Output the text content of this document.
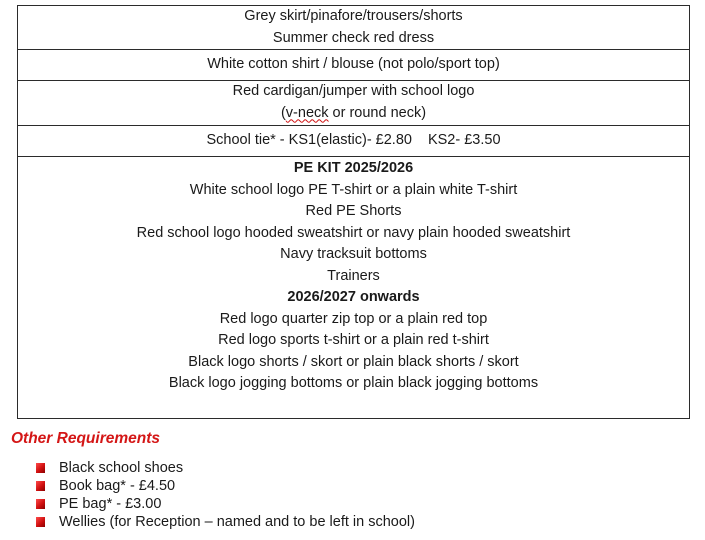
Grey skirt/pinafore/trousers/shorts
Summer check red dress
White cotton shirt / blouse (not polo/sport top)
Red cardigan/jumper with school logo
(v-neck or round neck)
School tie* - KS1(elastic)- £2.80 KS2- £3.50
PE KIT 2025/2026
White school logo PE T-shirt or a plain white T-shirt
Red PE Shorts
Red school logo hooded sweatshirt or navy plain hooded sweatshirt
Navy tracksuit bottoms
Trainers
2026/2027 onwards
Red logo quarter zip top or a plain red top
Red logo sports t-shirt or a plain red t-shirt
Black logo shorts / skort or plain black shorts / skort
Black logo jogging bottoms or plain black jogging bottoms
Other Requirements
Black school shoes
Book bag* - £4.50
PE bag* - £3.00
Wellies (for Reception – named and to be left in school)
